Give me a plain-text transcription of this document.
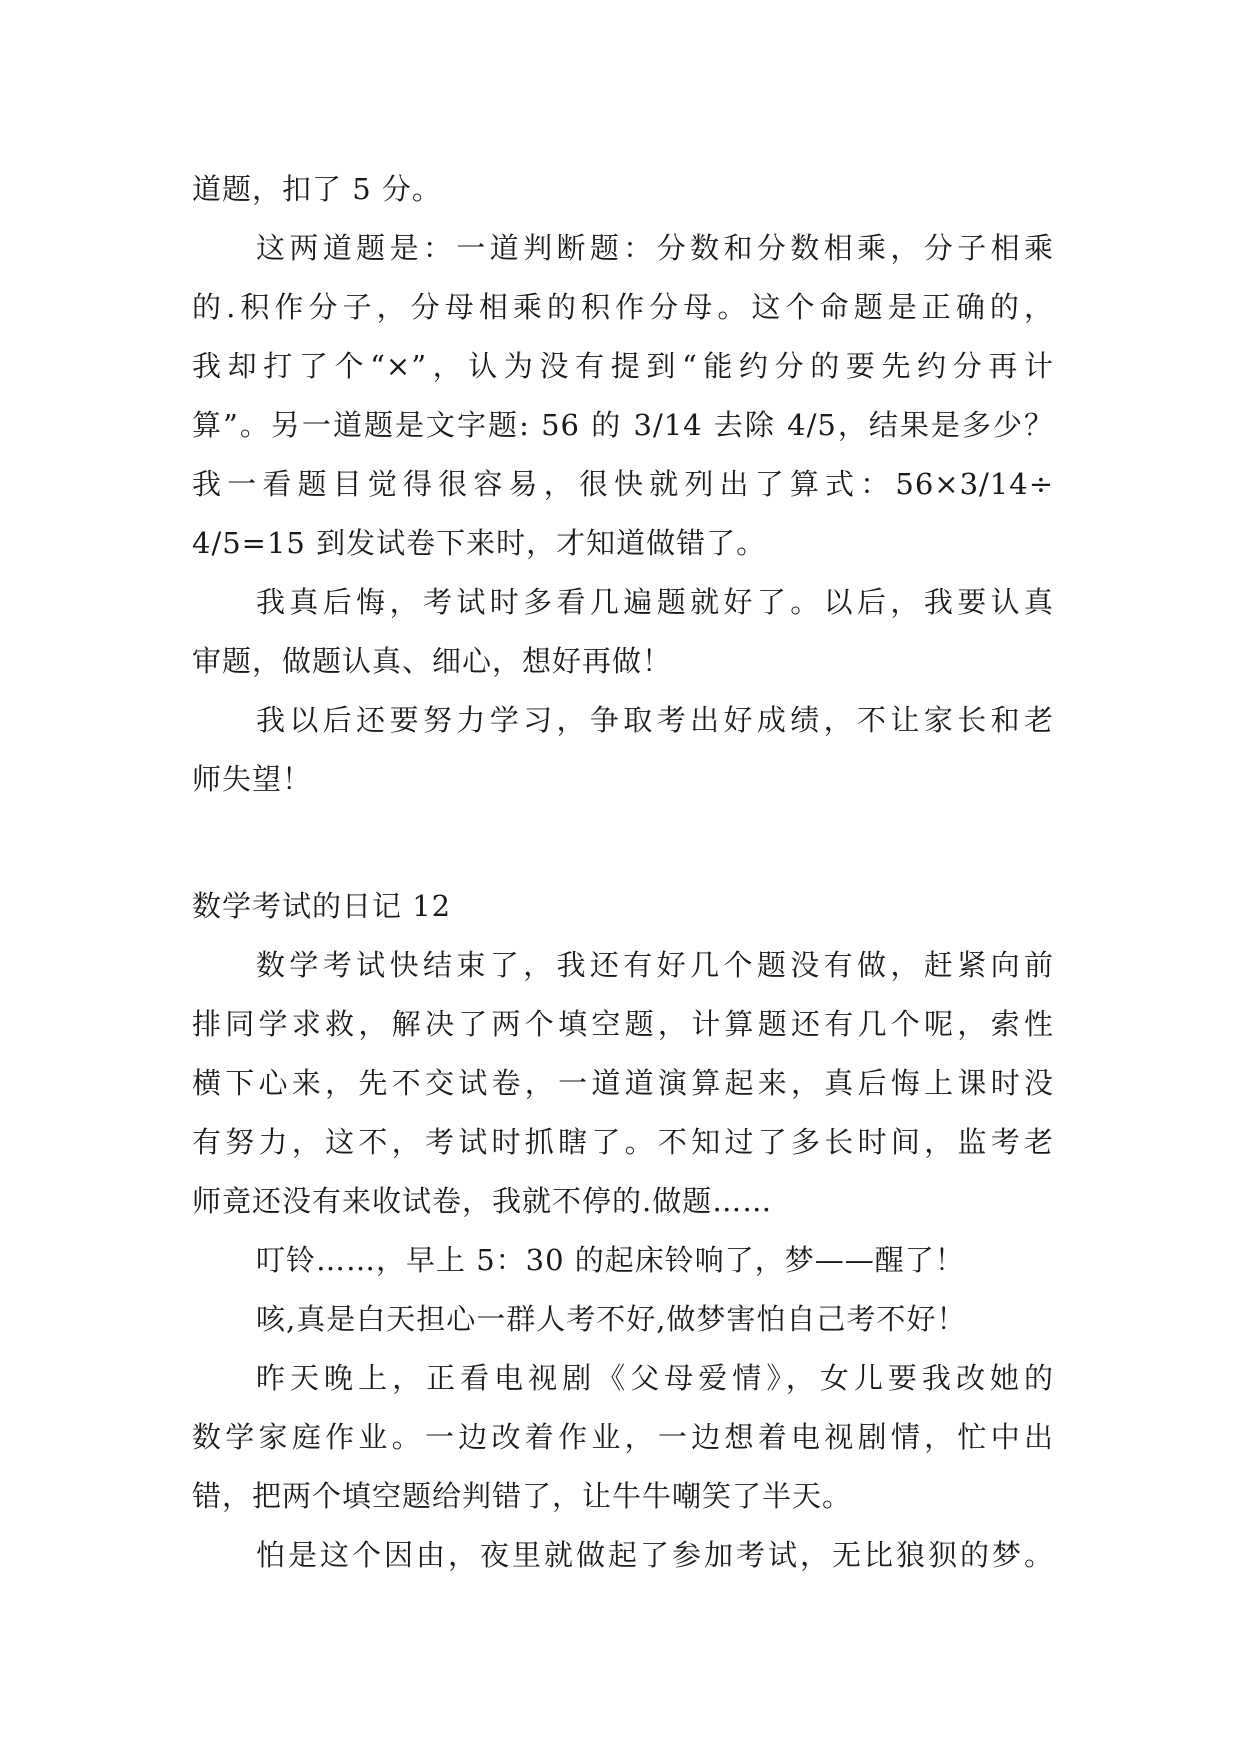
道题，扣了 5 分。
这两道题是：一道判断题：分数和分数相乘，分子相乘
的.积作分子，分母相乘的积作分母。这个命题是正确的，
我却打了个“×”，认为没有提到“能约分的要先约分再计
算”。另一道题是文字题: 56 的 3/14 去除 4/5，结果是多少？
我一看题目觉得很容易，很快就列出了算式：56×3/14÷
4/5=15 到发试卷下来时，才知道做错了。
我真后悔，考试时多看几遍题就好了。以后，我要认真
审题，做题认真、细心，想好再做！
我以后还要努力学习，争取考出好成绩，不让家长和老
师失望！
数学考试的日记 12
数学考试快结束了，我还有好几个题没有做，赶紧向前
排同学求救，解决了两个填空题，计算题还有几个呢，索性
横下心来，先不交试卷，一道道演算起来，真后悔上课时没
有努力，这不，考试时抓瞎了。不知过了多长时间，监考老
师竟还没有来收试卷，我就不停的.做题……
叮铃……，早上 5：30 的起床铃响了，梦——醒了！
咳,真是白天担心一群人考不好,做梦害怕自己考不好！
昨天晚上，正看电视剧《父母爱情》，女儿要我改她的
数学家庭作业。一边改着作业，一边想着电视剧情，忙中出
错，把两个填空题给判错了，让牛牛嘲笑了半天。
怕是这个因由，夜里就做起了参加考试，无比狼狈的梦。
